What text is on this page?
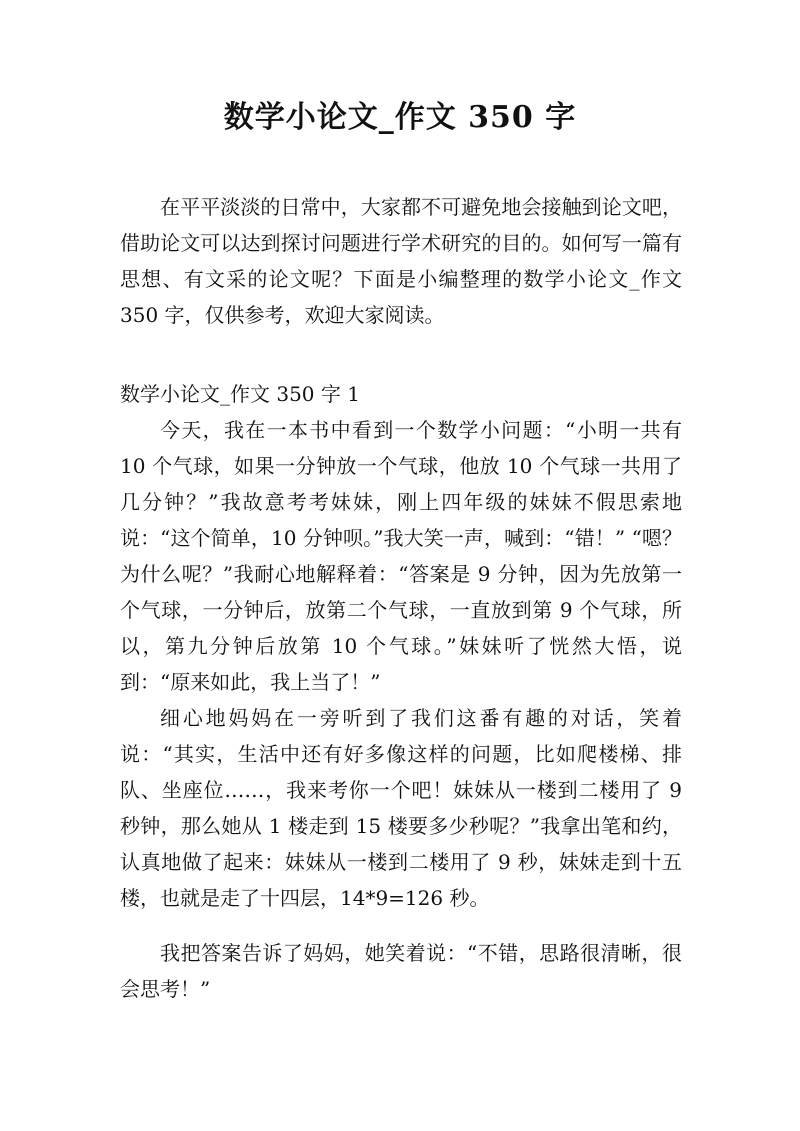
数学小论文_作文 350 字

在平平淡淡的日常中，大家都不可避免地会接触到论文吧，借助论文可以达到探讨问题进行学术研究的目的。如何写一篇有思想、有文采的论文呢？下面是小编整理的数学小论文_作文 350 字，仅供参考，欢迎大家阅读。

数学小论文_作文 350 字 1

今天，我在一本书中看到一个数学小问题：“小明一共有 10 个气球，如果一分钟放一个气球，他放 10 个气球一共用了几分钟？”我故意考考妹妹，刚上四年级的妹妹不假思索地说：“这个简单，10 分钟呗。”我大笑一声，喊到：“错！” “嗯？为什么呢？”我耐心地解释着：“答案是 9 分钟，因为先放第一个气球，一分钟后，放第二个气球，一直放到第 9 个气球，所以，第九分钟后放第 10 个气球。”妹妹听了恍然大悟，说到：“原来如此，我上当了！”

细心地妈妈在一旁听到了我们这番有趣的对话，笑着说：“其实，生活中还有好多像这样的问题，比如爬楼梯、排队、坐座位……，我来考你一个吧！妹妹从一楼到二楼用了 9 秒钟，那么她从 1 楼走到 15 楼要多少秒呢？”我拿出笔和约，认真地做了起来：妹妹从一楼到二楼用了 9 秒，妹妹走到十五楼，也就是走了十四层，14*9=126 秒。

我把答案告诉了妈妈，她笑着说：“不错，思路很清晰，很会思考！”
